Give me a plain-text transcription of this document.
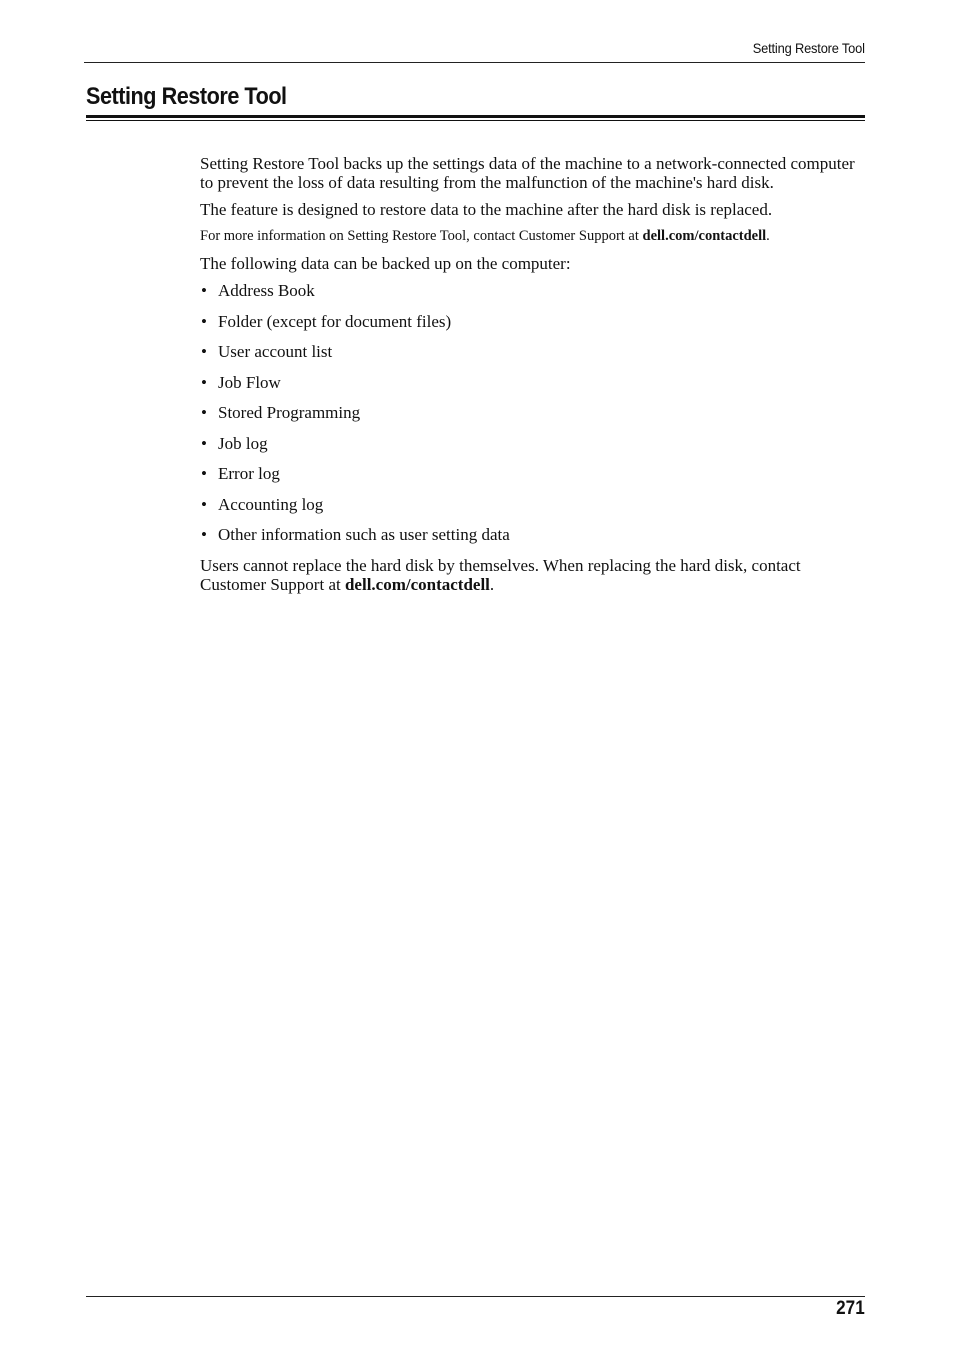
Setting Restore Tool
Setting Restore Tool

Setting Restore Tool backs up the settings data of the machine to a network-connected computer to prevent the loss of data resulting from the malfunction of the machine's hard disk.

The feature is designed to restore data to the machine after the hard disk is replaced.

For more information on Setting Restore Tool, contact Customer Support at dell.com/contactdell.

The following data can be backed up on the computer:

• Address Book
• Folder (except for document files)
• User account list
• Job Flow
• Stored Programming
• Job log
• Error log
• Accounting log
• Other information such as user setting data

Users cannot replace the hard disk by themselves. When replacing the hard disk, contact Customer Support at dell.com/contactdell.

271
